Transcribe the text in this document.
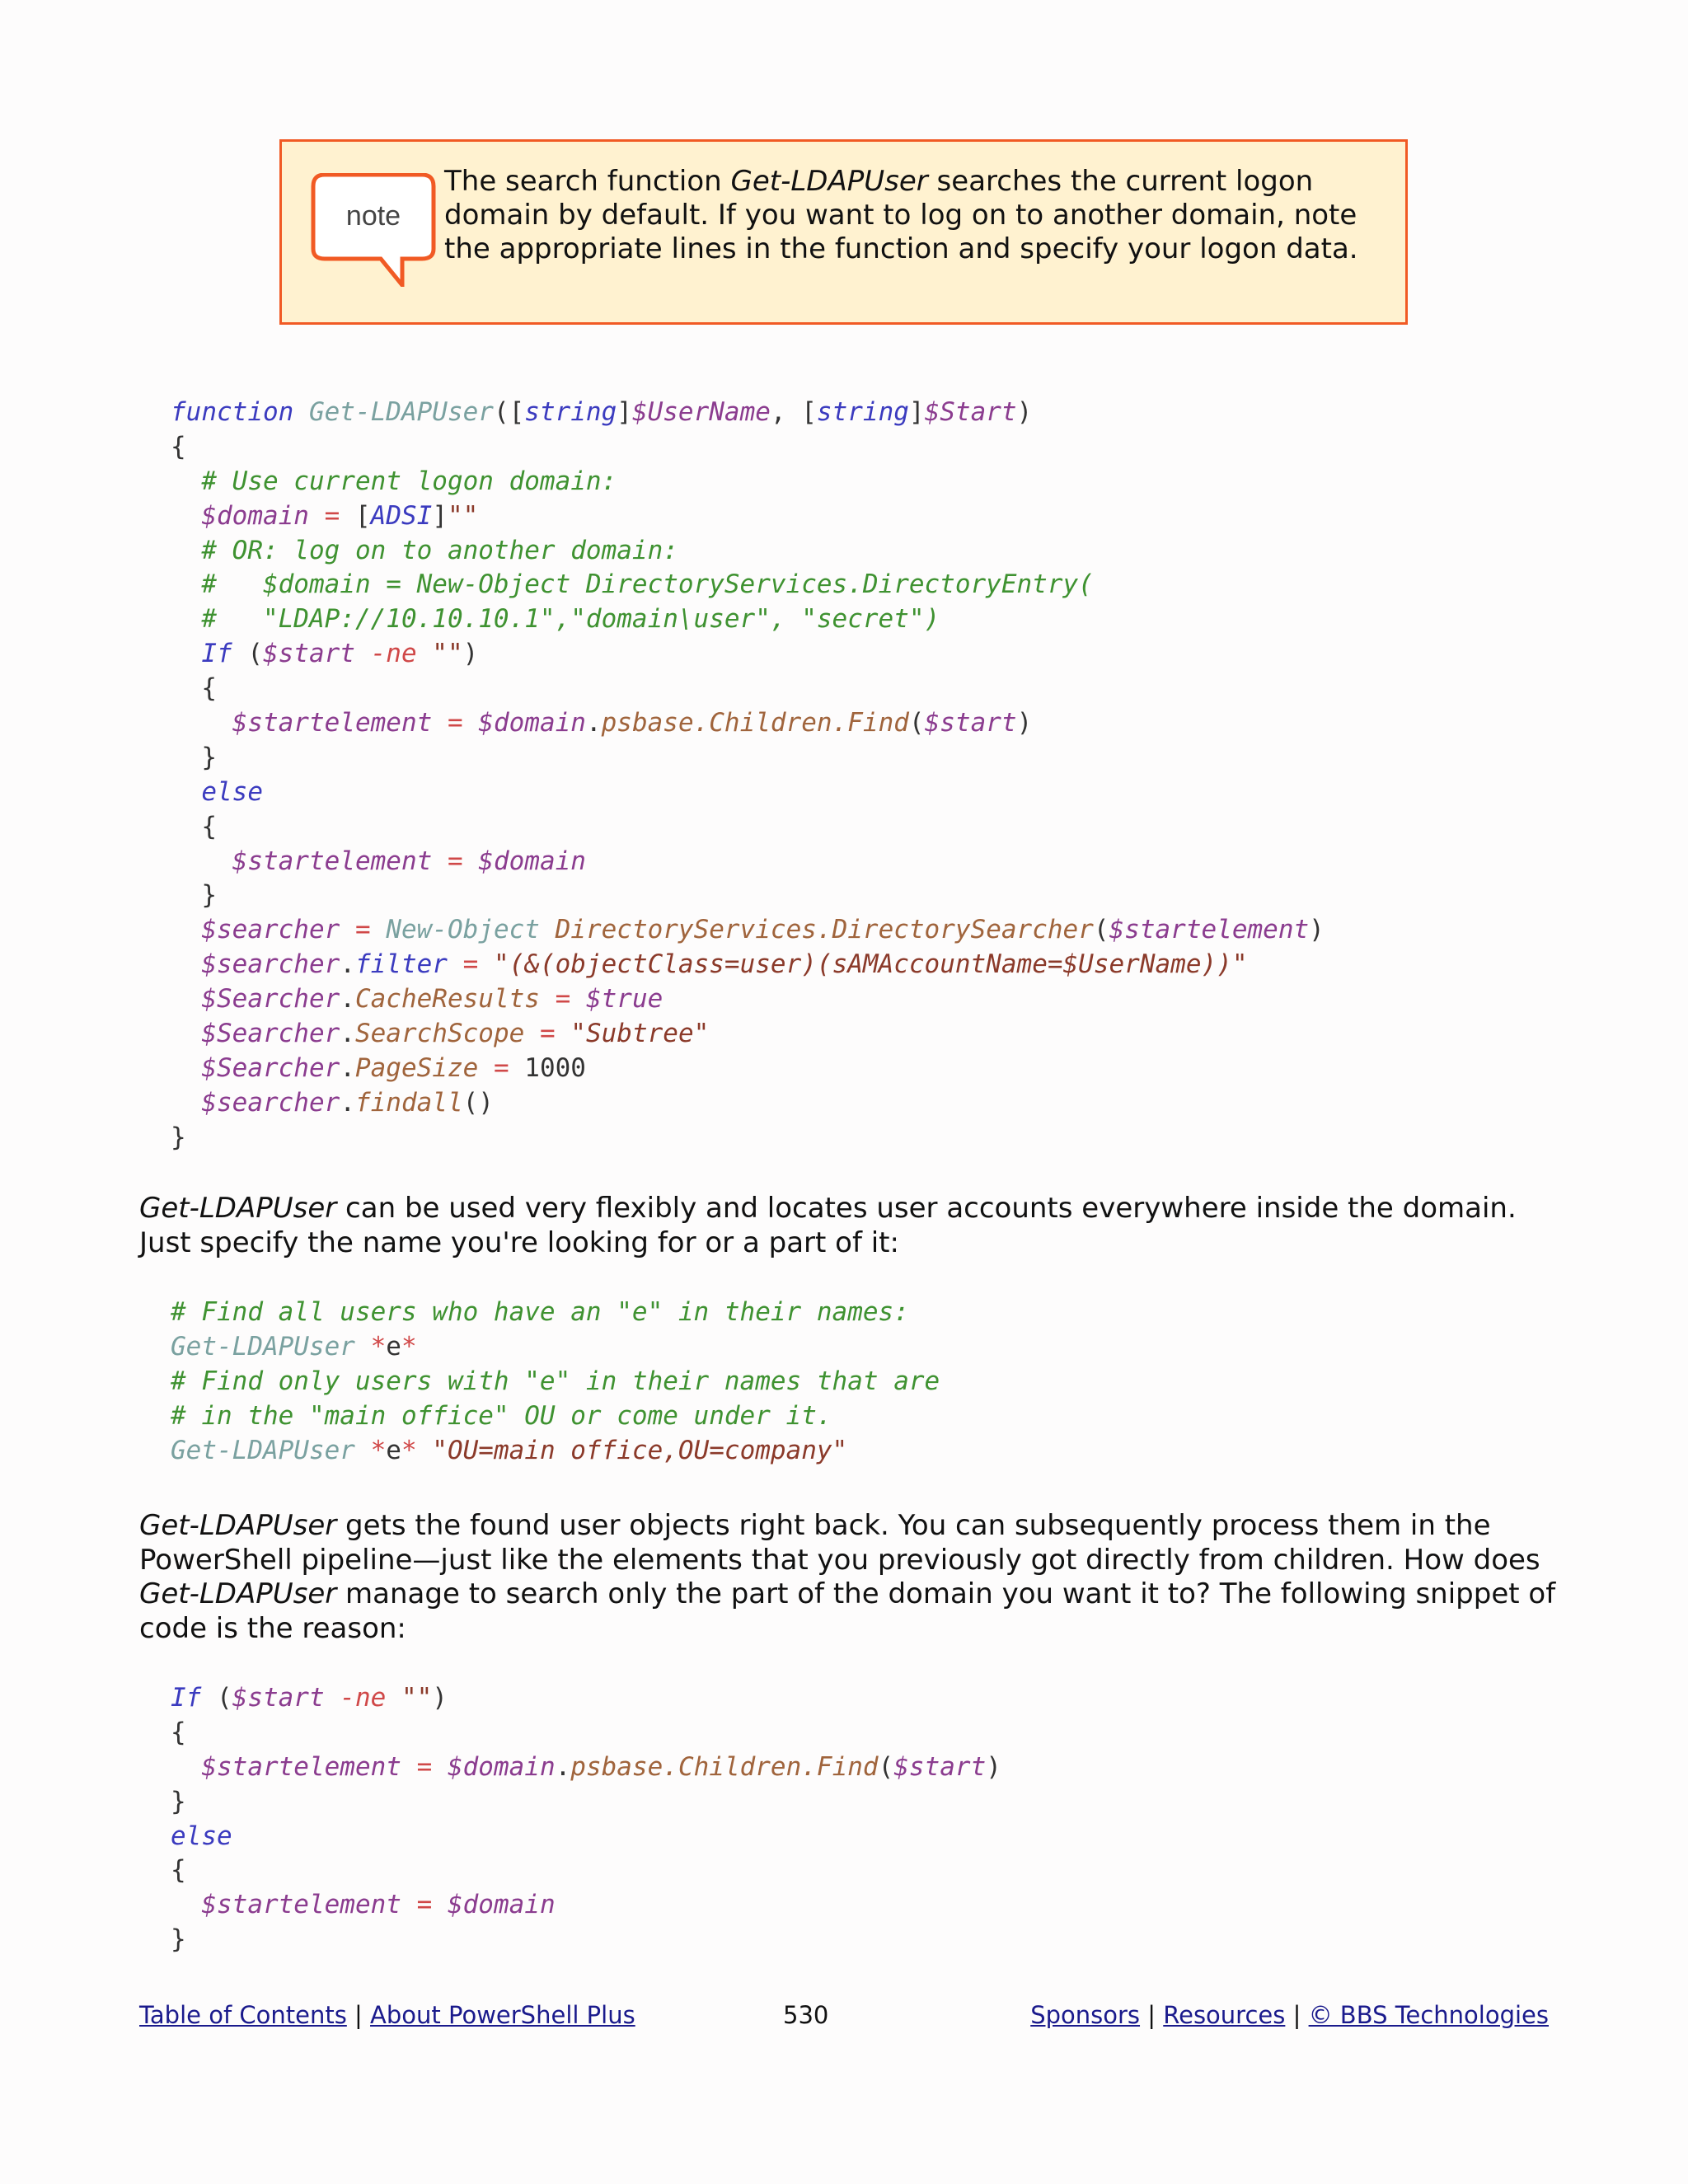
note
The search function Get-LDAPUser searches the current logon
domain by default. If you want to log on to another domain, note
the appropriate lines in the function and specify your logon data.
function Get-LDAPUser([string]$UserName, [string]$Start)
{
# Use current logon domain:
$domain = [ADSI]""
# OR: log on to another domain:
#   $domain = New-Object DirectoryServices.DirectoryEntry(
#   "LDAP://10.10.10.1","domain\user", "secret")
If ($start -ne "")
{
$startelement = $domain.psbase.Children.Find($start)
}
else
{
$startelement = $domain
}
$searcher = New-Object DirectoryServices.DirectorySearcher($startelement)
$searcher.filter = "(&(objectClass=user)(sAMAccountName=$UserName))"
$Searcher.CacheResults = $true
$Searcher.SearchScope = "Subtree"
$Searcher.PageSize = 1000
$searcher.findall()
}

Get-LDAPUser can be used very flexibly and locates user accounts everywhere inside the domain.
Just specify the name you're looking for or a part of it:

# Find all users who have an "e" in their names:
Get-LDAPUser *e*
# Find only users with "e" in their names that are
# in the "main office" OU or come under it.
Get-LDAPUser *e* "OU=main office,OU=company"

Get-LDAPUser gets the found user objects right back. You can subsequently process them in the
PowerShell pipeline—just like the elements that you previously got directly from children. How does
Get-LDAPUser manage to search only the part of the domain you want it to? The following snippet of
code is the reason:

If ($start -ne "")
{
$startelement = $domain.psbase.Children.Find($start)
}
else
{
$startelement = $domain
}
Table of Contents | About PowerShell Plus	530	Sponsors | Resources | © BBS Technologies
